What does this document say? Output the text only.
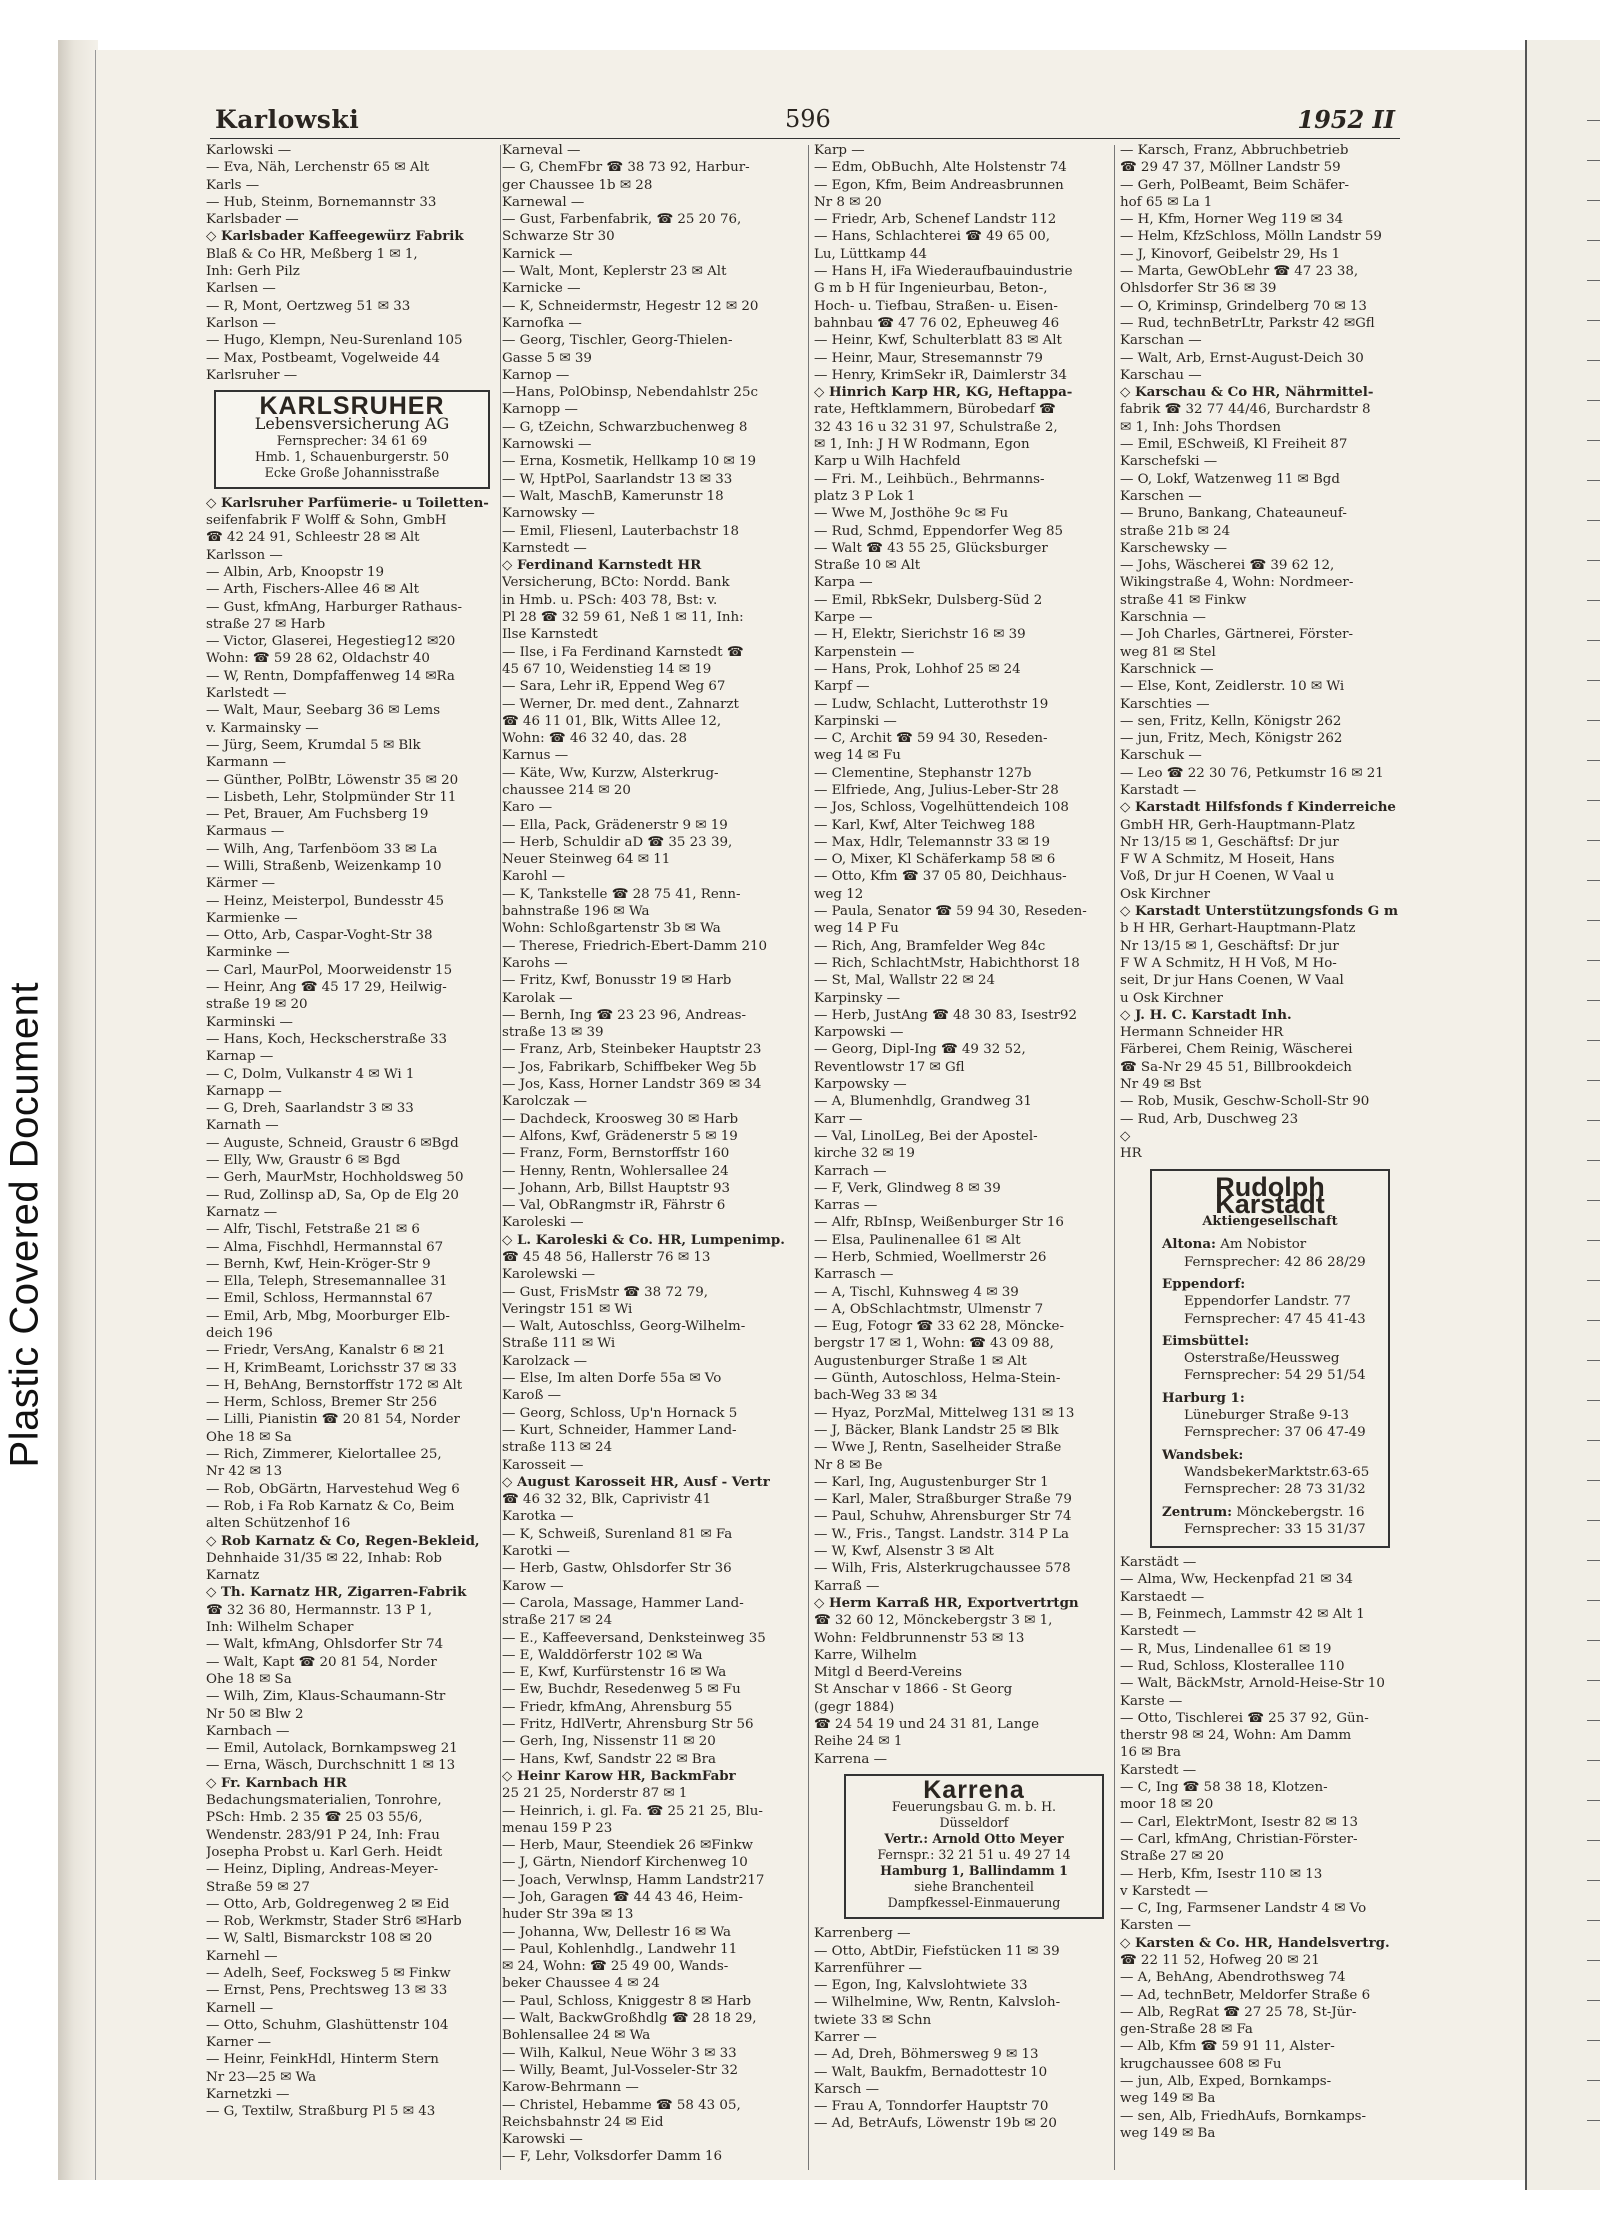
Plastic Covered Document
Karlowski	596	1952 II
Karlowski —
— Eva, Näh, Lerchenstr 65 ✉ Alt
Karls —
— Hub, Steinm, Bornemannstr 33
Karlsbader —
◇ Karlsbader Kaffeegewürz Fabrik
Blaß & Co HR, Meßberg 1 ✉ 1,
Inh: Gerh Pilz
Karlsen —
— R, Mont, Oertzweg 51 ✉ 33
Karlson —
— Hugo, Klempn, Neu-Surenland 105
— Max, Postbeamt, Vogelweide 44
Karlsruher —
KARLSRUHER
Lebensversicherung AG
Fernsprecher: 34 61 69
Hmb. 1, Schauenburgerstr. 50
Ecke Große Johannisstraße
◇ Karlsruher Parfümerie- u Toiletten-
seifenfabrik F Wolff & Sohn, GmbH
☎ 42 24 91, Schleestr 28 ✉ Alt
Karlsson —
— Albin, Arb, Knoopstr 19
— Arth, Fischers-Allee 46 ✉ Alt
— Gust, kfmAng, Harburger Rathaus-
straße 27 ✉ Harb
— Victor, Glaserei, Hegestieg12 ✉20
Wohn: ☎ 59 28 62, Oldachstr 40
— W, Rentn, Dompfaffenweg 14 ✉Ra
Karlstedt —
— Walt, Maur, Seebarg 36 ✉ Lems
v. Karmainsky —
— Jürg, Seem, Krumdal 5 ✉ Blk
Karmann —
— Günther, PolBtr, Löwenstr 35 ✉ 20
— Lisbeth, Lehr, Stolpmünder Str 11
— Pet, Brauer, Am Fuchsberg 19
Karmaus —
— Wilh, Ang, Tarfenböom 33 ✉ La
— Willi, Straßenb, Weizenkamp 10
Kärmer —
— Heinz, Meisterpol, Bundesstr 45
Karmienke —
— Otto, Arb, Caspar-Voght-Str 38
Karminke —
— Carl, MaurPol, Moorweidenstr 15
— Heinr, Ang ☎ 45 17 29, Heilwig-
straße 19 ✉ 20
Karminski —
— Hans, Koch, Heckscherstraße 33
Karnap —
— C, Dolm, Vulkanstr 4 ✉ Wi 1
Karnapp —
— G, Dreh, Saarlandstr 3 ✉ 33
Karnath —
— Auguste, Schneid, Graustr 6 ✉Bgd
— Elly, Ww, Graustr 6 ✉ Bgd
— Gerh, MaurMstr, Hochholdsweg 50
— Rud, Zollinsp aD, Sa, Op de Elg 20
Karnatz —
— Alfr, Tischl, Fetstraße 21 ✉ 6
— Alma, Fischhdl, Hermannstal 67
— Bernh, Kwf, Hein-Kröger-Str 9
— Ella, Teleph, Stresemannallee 31
— Emil, Schloss, Hermannstal 67
— Emil, Arb, Mbg, Moorburger Elb-
deich 196
— Friedr, VersAng, Kanalstr 6 ✉ 21
— H, KrimBeamt, Lorichsstr 37 ✉ 33
— H, BehAng, Bernstorffstr 172 ✉ Alt
— Herm, Schloss, Bremer Str 256
— Lilli, Pianistin ☎ 20 81 54, Norder
Ohe 18 ✉ Sa
— Rich, Zimmerer, Kielortallee 25,
Nr 42 ✉ 13
— Rob, ObGärtn, Harvestehud Weg 6
— Rob, i Fa Rob Karnatz & Co, Beim
alten Schützenhof 16
◇ Rob Karnatz & Co, Regen-Bekleid,
Dehnhaide 31/35 ✉ 22, Inhab: Rob
Karnatz
◇ Th. Karnatz HR, Zigarren-Fabrik
☎ 32 36 80, Hermannstr. 13 P 1,
Inh: Wilhelm Schaper
— Walt, kfmAng, Ohlsdorfer Str 74
— Walt, Kapt ☎ 20 81 54, Norder
Ohe 18 ✉ Sa
— Wilh, Zim, Klaus-Schaumann-Str
Nr 50 ✉ Blw 2
Karnbach —
— Emil, Autolack, Bornkampsweg 21
— Erna, Wäsch, Durchschnitt 1 ✉ 13
◇ Fr. Karnbach HR
Bedachungsmaterialien, Tonrohre,
PSch: Hmb. 2 35 ☎ 25 03 55/6,
Wendenstr. 283/91 P 24, Inh: Frau
Josepha Probst u. Karl Gerh. Heidt
— Heinz, Dipling, Andreas-Meyer-
Straße 59 ✉ 27
— Otto, Arb, Goldregenweg 2 ✉ Eid
— Rob, Werkmstr, Stader Str6 ✉Harb
— W, Saltl, Bismarckstr 108 ✉ 20
Karnehl —
— Adelh, Seef, Focksweg 5 ✉ Finkw
— Ernst, Pens, Prechtsweg 13 ✉ 33
Karnell —
— Otto, Schuhm, Glashüttenstr 104
Karner —
— Heinr, FeinkHdl, Hinterm Stern
Nr 23—25 ✉ Wa
Karnetzki —
— G, Textilw, Straßburg Pl 5 ✉ 43
Karneval —
— G, ChemFbr ☎ 38 73 92, Harbur-
ger Chaussee 1b ✉ 28
Karnewal —
— Gust, Farbenfabrik, ☎ 25 20 76,
Schwarze Str 30
Karnick —
— Walt, Mont, Keplerstr 23 ✉ Alt
Karnicke —
— K, Schneidermstr, Hegestr 12 ✉ 20
Karnofka —
— Georg, Tischler, Georg-Thielen-
Gasse 5 ✉ 39
Karnop —
—Hans, PolObinsp, Nebendahlstr 25c
Karnopp —
— G, tZeichn, Schwarzbuchenweg 8
Karnowski —
— Erna, Kosmetik, Hellkamp 10 ✉ 19
— W, HptPol, Saarlandstr 13 ✉ 33
— Walt, MaschB, Kamerunstr 18
Karnowsky —
— Emil, Fliesenl, Lauterbachstr 18
Karnstedt —
◇ Ferdinand Karnstedt HR
Versicherung, BCto: Nordd. Bank
in Hmb. u. PSch: 403 78, Bst: v.
Pl 28 ☎ 32 59 61, Neß 1 ✉ 11, Inh:
Ilse Karnstedt
— Ilse, i Fa Ferdinand Karnstedt ☎
45 67 10, Weidenstieg 14 ✉ 19
— Sara, Lehr iR, Eppend Weg 67
— Werner, Dr. med dent., Zahnarzt
☎ 46 11 01, Blk, Witts Allee 12,
Wohn: ☎ 46 32 40, das. 28
Karnus —
— Käte, Ww, Kurzw, Alsterkrug-
chaussee 214 ✉ 20
Karo —
— Ella, Pack, Grädenerstr 9 ✉ 19
— Herb, Schuldir aD ☎ 35 23 39,
Neuer Steinweg 64 ✉ 11
Karohl —
— K, Tankstelle ☎ 28 75 41, Renn-
bahnstraße 196 ✉ Wa
Wohn: Schloßgartenstr 3b ✉ Wa
— Therese, Friedrich-Ebert-Damm 210
Karohs —
— Fritz, Kwf, Bonusstr 19 ✉ Harb
Karolak —
— Bernh, Ing ☎ 23 23 96, Andreas-
straße 13 ✉ 39
— Franz, Arb, Steinbeker Hauptstr 23
— Jos, Fabrikarb, Schiffbeker Weg 5b
— Jos, Kass, Horner Landstr 369 ✉ 34
Karolczak —
— Dachdeck, Kroosweg 30 ✉ Harb
— Alfons, Kwf, Grädenerstr 5 ✉ 19
— Franz, Form, Bernstorffstr 160
— Henny, Rentn, Wohlersallee 24
— Johann, Arb, Billst Hauptstr 93
— Val, ObRangmstr iR, Fährstr 6
Karoleski —
◇ L. Karoleski & Co. HR, Lumpenimp.
☎ 45 48 56, Hallerstr 76 ✉ 13
Karolewski —
— Gust, FrisMstr ☎ 38 72 79,
Veringstr 151 ✉ Wi
— Walt, Autoschlss, Georg-Wilhelm-
Straße 111 ✉ Wi
Karolzack —
— Else, Im alten Dorfe 55a ✉ Vo
Karoß —
— Georg, Schloss, Up'n Hornack 5
— Kurt, Schneider, Hammer Land-
straße 113 ✉ 24
Karosseit —
◇ August Karosseit HR, Ausf - Vertr
☎ 46 32 32, Blk, Caprivistr 41
Karotka —
— K, Schweiß, Surenland 81 ✉ Fa
Karotki —
— Herb, Gastw, Ohlsdorfer Str 36
Karow —
— Carola, Massage, Hammer Land-
straße 217 ✉ 24
— E., Kaffeeversand, Denksteinweg 35
— E, Walddörferstr 102 ✉ Wa
— E, Kwf, Kurfürstenstr 16 ✉ Wa
— Ew, Buchdr, Resedenweg 5 ✉ Fu
— Friedr, kfmAng, Ahrensburg 55
— Fritz, HdlVertr, Ahrensburg Str 56
— Gerh, Ing, Nissenstr 11 ✉ 20
— Hans, Kwf, Sandstr 22 ✉ Bra
◇ Heinr Karow HR, BackmFabr
25 21 25, Norderstr 87 ✉ 1
— Heinrich, i. gl. Fa. ☎ 25 21 25, Blu-
menau 159 P 23
— Herb, Maur, Steendiek 26 ✉Finkw
— J, Gärtn, Niendorf Kirchenweg 10
— Joach, Verwlnsp, Hamm Landstr217
— Joh, Garagen ☎ 44 43 46, Heim-
huder Str 39a ✉ 13
— Johanna, Ww, Dellestr 16 ✉ Wa
— Paul, Kohlenhdlg., Landwehr 11
✉ 24, Wohn: ☎ 25 49 00, Wands-
beker Chaussee 4 ✉ 24
— Paul, Schloss, Kniggestr 8 ✉ Harb
— Walt, BackwGroßhdlg ☎ 28 18 29,
Bohlensallee 24 ✉ Wa
— Wilh, Kalkul, Neue Wöhr 3 ✉ 33
— Willy, Beamt, Jul-Vosseler-Str 32
Karow-Behrmann —
— Christel, Hebamme ☎ 58 43 05,
Reichsbahnstr 24 ✉ Eid
Karowski —
— F, Lehr, Volksdorfer Damm 16
Karp —
— Edm, ObBuchh, Alte Holstenstr 74
— Egon, Kfm, Beim Andreasbrunnen
Nr 8 ✉ 20
— Friedr, Arb, Schenef Landstr 112
— Hans, Schlachterei ☎ 49 65 00,
Lu, Lüttkamp 44
— Hans H, iFa Wiederaufbauindustrie
G m b H für Ingenieurbau, Beton-,
Hoch- u. Tiefbau, Straßen- u. Eisen-
bahnbau ☎ 47 76 02, Epheuweg 46
— Heinr, Kwf, Schulterblatt 83 ✉ Alt
— Heinr, Maur, Stresemannstr 79
— Henry, KrimSekr iR, Daimlerstr 34
◇ Hinrich Karp HR, KG, Heftappa-
rate, Heftklammern, Bürobedarf ☎
32 43 16 u 32 31 97, Schulstraße 2,
✉ 1, Inh: J H W Rodmann, Egon
Karp u Wilh Hachfeld
— Fri. M., Leihbüch., Behrmanns-
platz 3 P Lok 1
— Wwe M, Josthöhe 9c ✉ Fu
— Rud, Schmd, Eppendorfer Weg 85
— Walt ☎ 43 55 25, Glücksburger
Straße 10 ✉ Alt
Karpa —
— Emil, RbkSekr, Dulsberg-Süd 2
Karpe —
— H, Elektr, Sierichstr 16 ✉ 39
Karpenstein —
— Hans, Prok, Lohhof 25 ✉ 24
Karpf —
— Ludw, Schlacht, Lutterothstr 19
Karpinski —
— C, Archit ☎ 59 94 30, Reseden-
weg 14 ✉ Fu
— Clementine, Stephanstr 127b
— Elfriede, Ang, Julius-Leber-Str 28
— Jos, Schloss, Vogelhüttendeich 108
— Karl, Kwf, Alter Teichweg 188
— Max, Hdlr, Telemannstr 33 ✉ 19
— O, Mixer, Kl Schäferkamp 58 ✉ 6
— Otto, Kfm ☎ 37 05 80, Deichhaus-
weg 12
— Paula, Senator ☎ 59 94 30, Reseden-
weg 14 P Fu
— Rich, Ang, Bramfelder Weg 84c
— Rich, SchlachtMstr, Habichthorst 18
— St, Mal, Wallstr 22 ✉ 24
Karpinsky —
— Herb, JustAng ☎ 48 30 83, Isestr92
Karpowski —
— Georg, Dipl-Ing ☎ 49 32 52,
Reventlowstr 17 ✉ Gfl
Karpowsky —
— A, Blumenhdlg, Grandweg 31
Karr —
— Val, LinolLeg, Bei der Apostel-
kirche 32 ✉ 19
Karrach —
— F, Verk, Glindweg 8 ✉ 39
Karras —
— Alfr, RbInsp, Weißenburger Str 16
— Elsa, Paulinenallee 61 ✉ Alt
— Herb, Schmied, Woellmerstr 26
Karrasch —
— A, Tischl, Kuhnsweg 4 ✉ 39
— A, ObSchlachtmstr, Ulmenstr 7
— Eug, Fotogr ☎ 33 62 28, Möncke-
bergstr 17 ✉ 1, Wohn: ☎ 43 09 88,
Augustenburger Straße 1 ✉ Alt
— Günth, Autoschloss, Helma-Stein-
bach-Weg 33 ✉ 34
— Hyaz, PorzMal, Mittelweg 131 ✉ 13
— J, Bäcker, Blank Landstr 25 ✉ Blk
— Wwe J, Rentn, Saselheider Straße
Nr 8 ✉ Be
— Karl, Ing, Augustenburger Str 1
— Karl, Maler, Straßburger Straße 79
— Paul, Schuhw, Ahrensburger Str 74
— W., Fris., Tangst. Landstr. 314 P La
— W, Kwf, Alsenstr 3 ✉ Alt
— Wilh, Fris, Alsterkrugchaussee 578
Karraß —
◇ Herm Karraß HR, Exportvertrtgn
☎ 32 60 12, Mönckebergstr 3 ✉ 1,
Wohn: Feldbrunnenstr 53 ✉ 13
Karre, Wilhelm
Mitgl d Beerd-Vereins
St Anschar v 1866 - St Georg
(gegr 1884)
☎ 24 54 19 und 24 31 81, Lange
Reihe 24 ✉ 1
Karrena —
Karrena
Feuerungsbau G. m. b. H.
Düsseldorf
Vertr.: Arnold Otto Meyer
Fernspr.: 32 21 51 u. 49 27 14
Hamburg 1, Ballindamm 1
siehe Branchenteil
Dampfkessel-Einmauerung
Karrenberg —
— Otto, AbtDir, Fiefstücken 11 ✉ 39
Karrenführer —
— Egon, Ing, Kalvslohtwiete 33
— Wilhelmine, Ww, Rentn, Kalvsloh-
twiete 33 ✉ Schn
Karrer —
— Ad, Dreh, Böhmersweg 9 ✉ 13
— Walt, Baukfm, Bernadottestr 10
Karsch —
— Frau A, Tonndorfer Hauptstr 70
— Ad, BetrAufs, Löwenstr 19b ✉ 20
— Karsch, Franz, Abbruchbetrieb
☎ 29 47 37, Möllner Landstr 59
— Gerh, PolBeamt, Beim Schäfer-
hof 65 ✉ La 1
— H, Kfm, Horner Weg 119 ✉ 34
— Helm, KfzSchloss, Mölln Landstr 59
— J, Kinovorf, Geibelstr 29, Hs 1
— Marta, GewObLehr ☎ 47 23 38,
Ohlsdorfer Str 36 ✉ 39
— O, Kriminsp, Grindelberg 70 ✉ 13
— Rud, technBetrLtr, Parkstr 42 ✉Gfl
Karschan —
— Walt, Arb, Ernst-August-Deich 30
Karschau —
◇ Karschau & Co HR, Nährmittel-
fabrik ☎ 32 77 44/46, Burchardstr 8
✉ 1, Inh: Johs Thordsen
— Emil, ESchweiß, Kl Freiheit 87
Karschefski —
— O, Lokf, Watzenweg 11 ✉ Bgd
Karschen —
— Bruno, Bankang, Chateauneuf-
straße 21b ✉ 24
Karschewsky —
— Johs, Wäscherei ☎ 39 62 12,
Wikingstraße 4, Wohn: Nordmeer-
straße 41 ✉ Finkw
Karschnia —
— Joh Charles, Gärtnerei, Förster-
weg 81 ✉ Stel
Karschnick —
— Else, Kont, Zeidlerstr. 10 ✉ Wi
Karschties —
— sen, Fritz, Kelln, Königstr 262
— jun, Fritz, Mech, Königstr 262
Karschuk —
— Leo ☎ 22 30 76, Petkumstr 16 ✉ 21
Karstadt —
◇ Karstadt Hilfsfonds f Kinderreiche
GmbH HR, Gerh-Hauptmann-Platz
Nr 13/15 ✉ 1, Geschäftsf: Dr jur
F W A Schmitz, M Hoseit, Hans
Voß, Dr jur H Coenen, W Vaal u
Osk Kirchner
◇ Karstadt Unterstützungsfonds G m
b H HR, Gerhart-Hauptmann-Platz
Nr 13/15 ✉ 1, Geschäftsf: Dr jur
F W A Schmitz, H H Voß, M Ho-
seit, Dr jur Hans Coenen, W Vaal
u Osk Kirchner
◇ J. H. C. Karstadt Inh.
Hermann Schneider HR
Färberei, Chem Reinig, Wäscherei
☎ Sa-Nr 29 45 51, Billbrookdeich
Nr 49 ✉ Bst
— Rob, Musik, Geschw-Scholl-Str 90
— Rud, Arb, Duschweg 23
◇
HR
Rudolph Karstadt
Aktiengesellschaft
Altona: Am Nobistor
Fernsprecher: 42 86 28/29
Eppendorf:
Eppendorfer Landstr. 77
Fernsprecher: 47 45 41-43
Eimsbüttel:
Osterstraße/Heussweg
Fernsprecher: 54 29 51/54
Harburg 1:
Lüneburger Straße 9-13
Fernsprecher: 37 06 47-49
Wandsbek:
WandsbekerMarktstr.63-65
Fernsprecher: 28 73 31/32
Zentrum: Mönckebergstr. 16
Fernsprecher: 33 15 31/37
Karstädt —
— Alma, Ww, Heckenpfad 21 ✉ 34
Karstaedt —
— B, Feinmech, Lammstr 42 ✉ Alt 1
Karstedt —
— R, Mus, Lindenallee 61 ✉ 19
— Rud, Schloss, Klosterallee 110
— Walt, BäckMstr, Arnold-Heise-Str 10
Karste —
— Otto, Tischlerei ☎ 25 37 92, Gün-
therstr 98 ✉ 24, Wohn: Am Damm
16 ✉ Bra
Karstedt —
— C, Ing ☎ 58 38 18, Klotzen-
moor 18 ✉ 20
— Carl, ElektrMont, Isestr 82 ✉ 13
— Carl, kfmAng, Christian-Förster-
Straße 27 ✉ 20
— Herb, Kfm, Isestr 110 ✉ 13
v Karstedt —
— C, Ing, Farmsener Landstr 4 ✉ Vo
Karsten —
◇ Karsten & Co. HR, Handelsvertrg.
☎ 22 11 52, Hofweg 20 ✉ 21
— A, BehAng, Abendrothsweg 74
— Ad, technBetr, Meldorfer Straße 6
— Alb, RegRat ☎ 27 25 78, St-Jür-
gen-Straße 28 ✉ Fa
— Alb, Kfm ☎ 59 91 11, Alster-
krugchaussee 608 ✉ Fu
— jun, Alb, Exped, Bornkamps-
weg 149 ✉ Ba
— sen, Alb, FriedhAufs, Bornkamps-
weg 149 ✉ Ba
